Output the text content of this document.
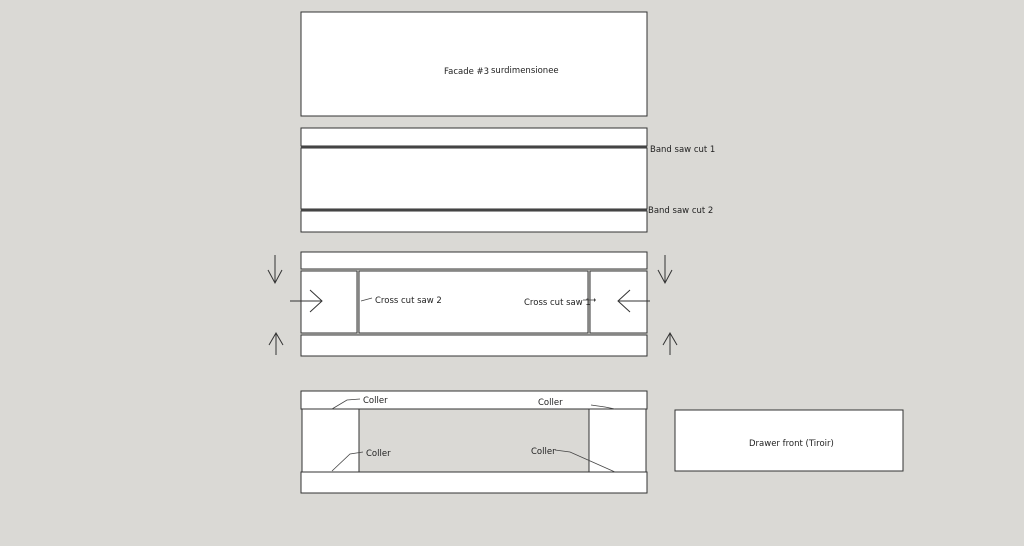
Facade #3 surdimensionee
Band saw cut 1
Band saw cut 2
Cross cut saw 2	Cross cut saw 1
Coller	Coller
Coller	Coller
Drawer front (Tiroir)
